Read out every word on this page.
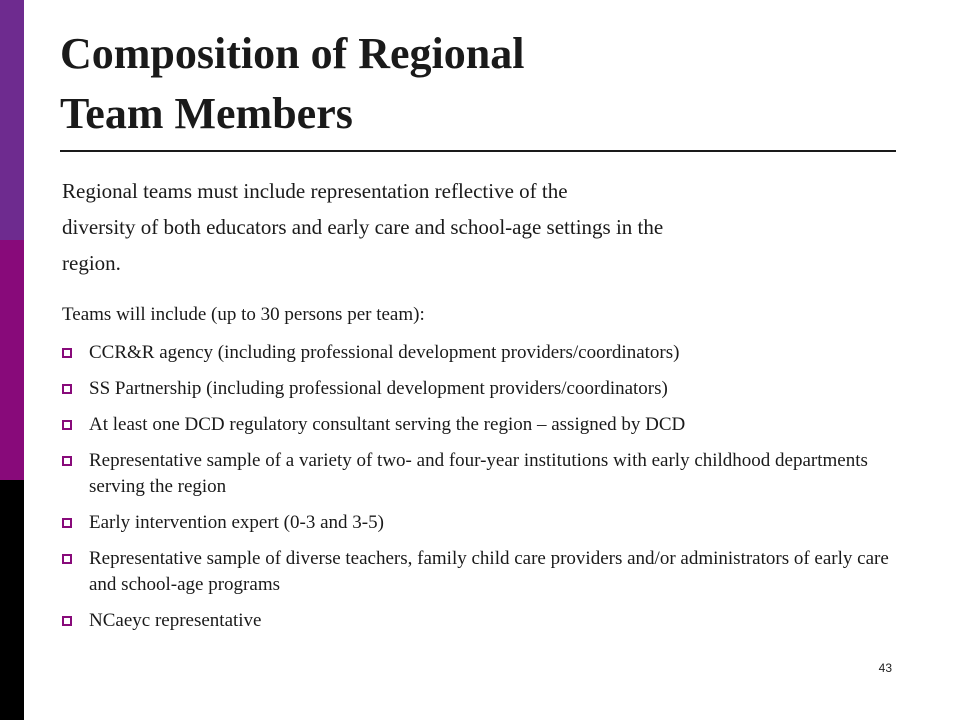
Composition of Regional
Team Members

Regional teams must include representation reflective of the
diversity of both educators and early care and school-age settings in the
region.

Teams will include (up to 30 persons per team):

CCR&R agency (including professional development providers/coordinators)
SS Partnership (including professional development providers/coordinators)
At least one DCD regulatory consultant serving the region – assigned by DCD
Representative sample of a variety of two- and four-year institutions with early childhood departments serving the region
Early intervention expert (0-3 and 3-5)
Representative sample of diverse teachers, family child care providers and/or administrators of early care and school-age programs
NCaeyc representative
43
